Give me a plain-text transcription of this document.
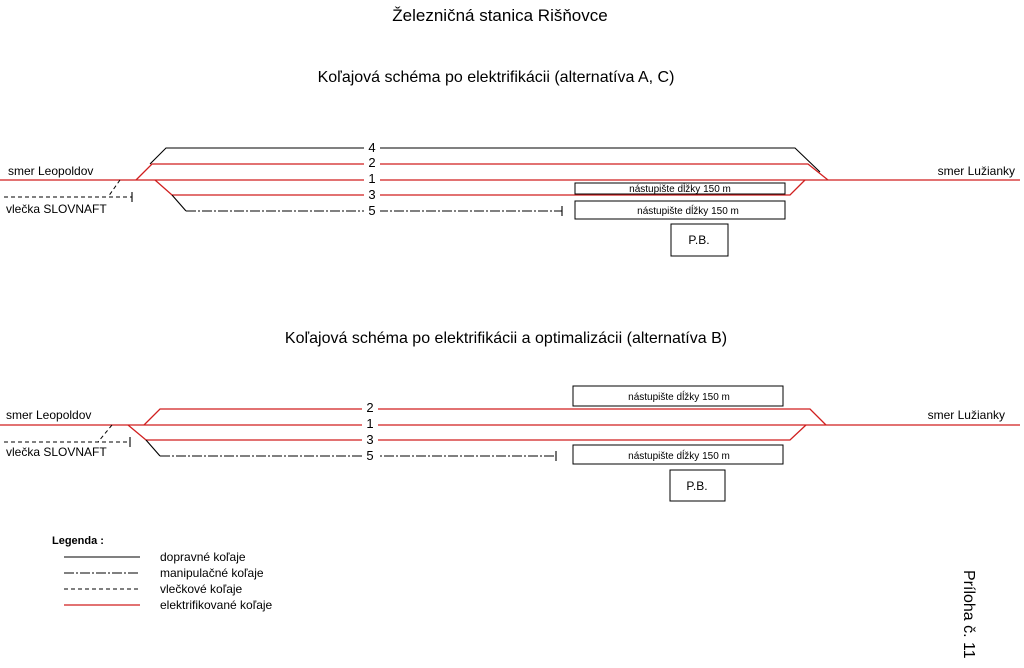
Železničná stanica Rišňovce
Koľajová schéma po elektrifikácii (alternatíva A, C)
smer Leopoldov	smer Lužianky
vlečka SLOVNAFT
4
2
1
3
5
nástupište dĺžky 150 m
nástupište dĺžky 150 m
P.B.
Koľajová schéma po elektrifikácii a optimalizácii (alternatíva B)
smer Leopoldov	smer Lužianky
vlečka SLOVNAFT
2
1
3
5
nástupište dĺžky 150 m
nástupište dĺžky 150 m
P.B.
Legenda :
dopravné koľaje
manipulačné koľaje
vlečkové koľaje
elektrifikované koľaje	Príloha č. 11
